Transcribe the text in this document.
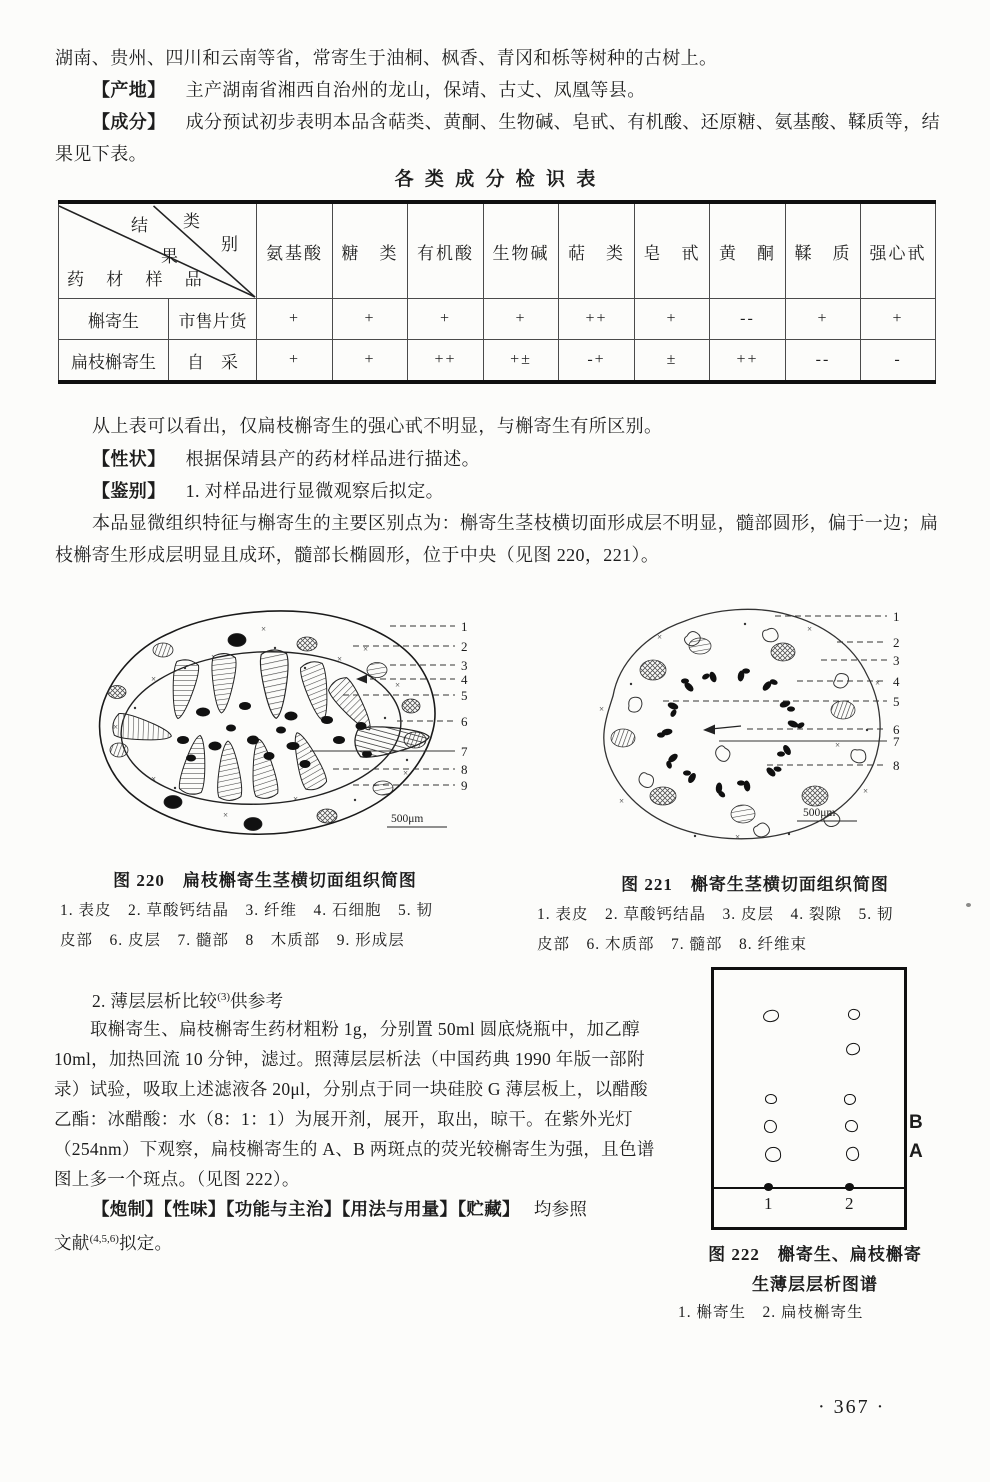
湖南、贵州、四川和云南等省，常寄生于油桐、枫香、青冈和栎等树种的古树上。
【产地】 主产湖南省湘西自治州的龙山，保靖、古丈、凤凰等县。
【成分】 成分预试初步表明本品含萜类、黄酮、生物碱、皂甙、有机酸、还原糖、氨基酸、鞣质等，结
果见下表。
各 类 成 分 检 识 表
结 类
别
果
药 材 样 品		氨基酸	糖　类	有机酸	生物碱	萜　类	皂　甙	黄　酮	鞣　质	强心甙
槲寄生	市售片货	+	+	+	+	++	+	--	+	+
扁枝槲寄生	自　采	+	+	++	+±	-+	±	++	--	-
从上表可以看出，仅扁枝槲寄生的强心甙不明显，与槲寄生有所区别。
【性状】 根据保靖县产的药材样品进行描述。
【鉴别】 1. 对样品进行显微观察后拟定。
本品显微组织特征与槲寄生的主要区别点为：槲寄生茎枝横切面形成层不明显，髓部圆形，偏于一边；扁
枝槲寄生形成层明显且成环，髓部长椭圆形，位于中央（见图 220，221）。
×	×
×
×
×
×
×
×
×
×
×
1
2
3
4
5
6
7
8
9
500μm
×
×
×
×
×
×
×
×
1
2
3
4
5
6
7
8
500μm
图 220　扁枝槲寄生茎横切面组织简图
1. 表皮　2. 草酸钙结晶　3. 纤维　4. 石细胞　5. 韧
皮部　6. 皮层　7. 髓部　8　木质部　9. 形成层
图 221　槲寄生茎横切面组织简图
1. 表皮　2. 草酸钙结晶　3. 皮层　4. 裂隙　5. 韧
皮部　6. 木质部　7. 髓部　8. 纤维束
2. 薄层层析比较$^{(3)}$供参考
取槲寄生、扁枝槲寄生药材粗粉 1g，分别置 50ml 圆底烧瓶中，加乙醇
10ml，加热回流 10 分钟，滤过。照薄层层析法（中国药典 1990 年版一部附
录）试验，吸取上述滤液各 20μl，分别点于同一块硅胶 G 薄层板上，以醋酸
乙酯：冰醋酸：水（8：1：1）为展开剂，展开，取出，晾干。在紫外光灯
（254nm）下观察，扁枝槲寄生的 A、B 两斑点的荧光较槲寄生为强，且色谱
图上多一个斑点。（见图 222）。
【炮制】【性味】【功能与主治】【用法与用量】【贮藏】 均参照
文献$^{(4,5,6)}$拟定。
1	2
B
A
图 222　槲寄生、扁枝槲寄
生薄层层析图谱
1. 槲寄生　2. 扁枝槲寄生
· 367 ·
